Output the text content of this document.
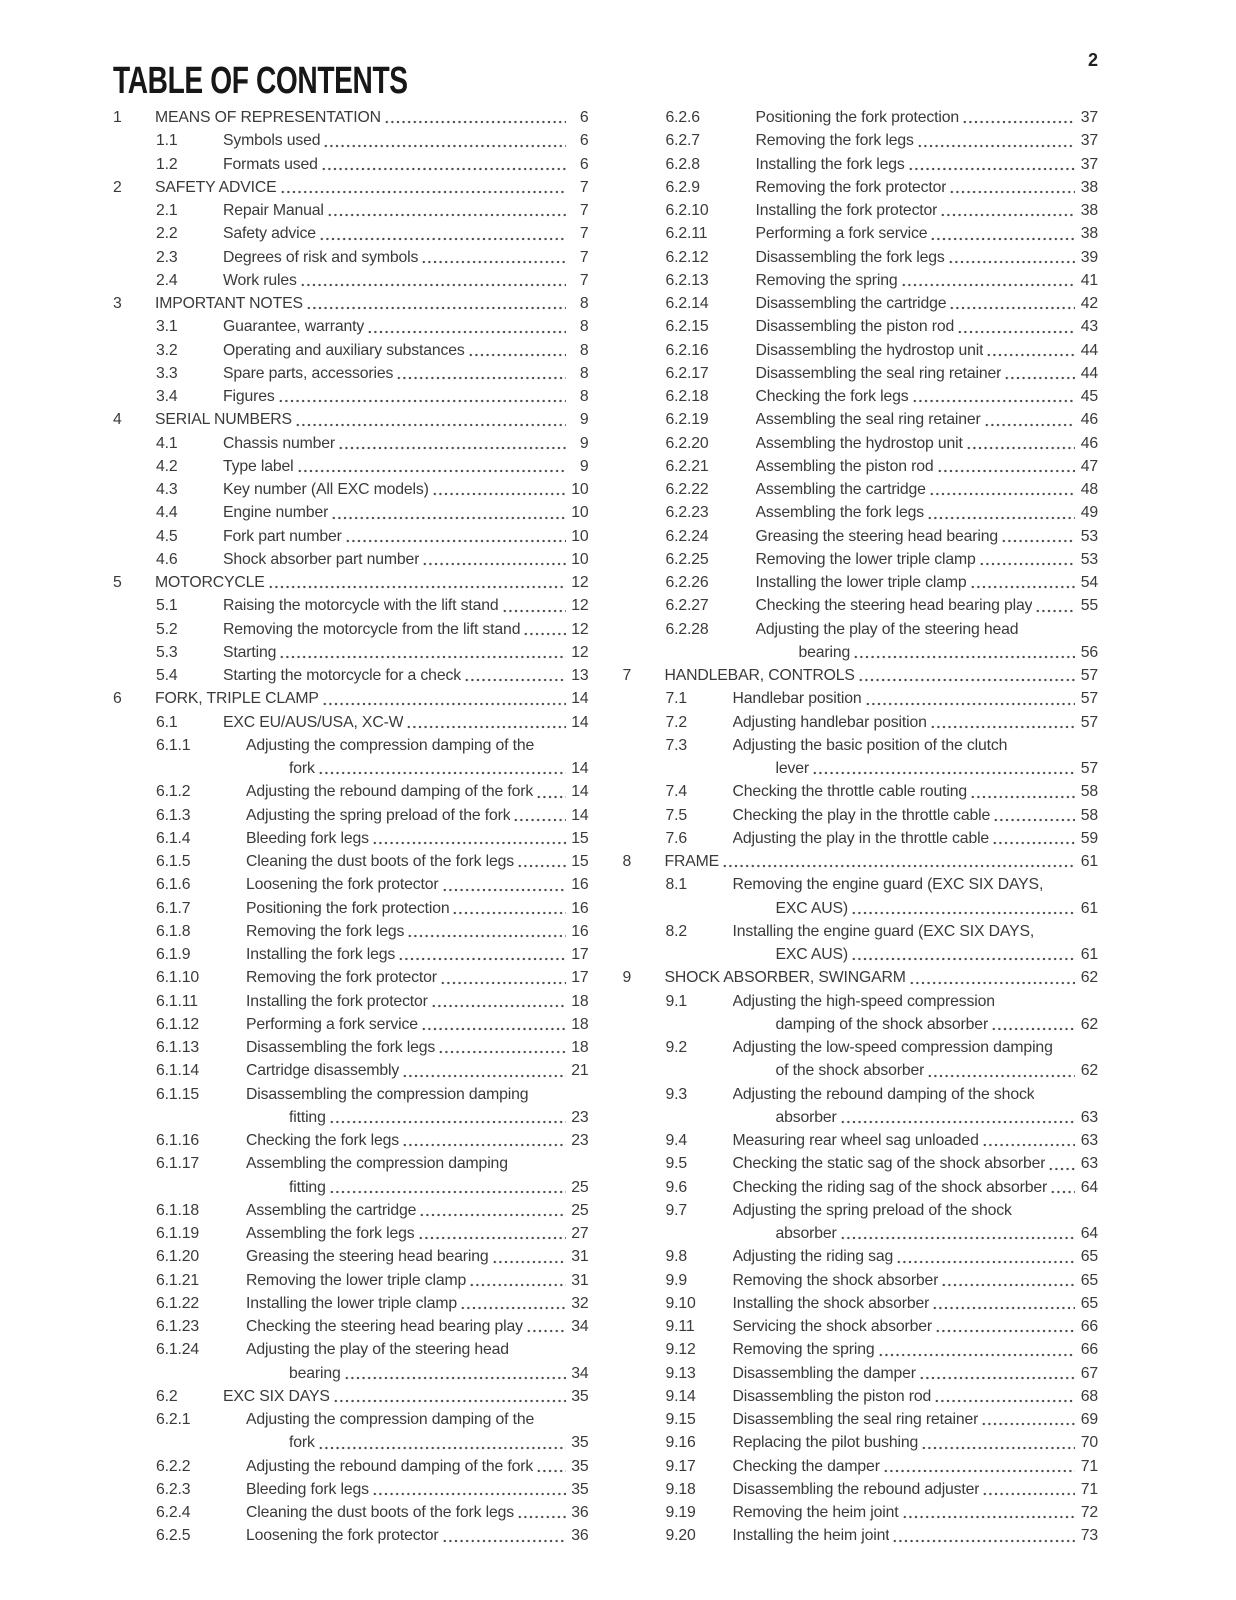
TABLE OF CONTENTS
2
1	MEANS OF REPRESENTATION	6
1.1	Symbols used	6
1.2	Formats used	6
2	SAFETY ADVICE	7
2.1	Repair Manual	7
2.2	Safety advice	7
2.3	Degrees of risk and symbols	7
2.4	Work rules	7
3	IMPORTANT NOTES	8
3.1	Guarantee, warranty	8
3.2	Operating and auxiliary substances	8
3.3	Spare parts, accessories	8
3.4	Figures	8
4	SERIAL NUMBERS	9
4.1	Chassis number	9
4.2	Type label	9
4.3	Key number (All EXC models)	10
4.4	Engine number	10
4.5	Fork part number	10
4.6	Shock absorber part number	10
5	MOTORCYCLE	12
5.1	Raising the motorcycle with the lift stand	12
5.2	Removing the motorcycle from the lift stand	12
5.3	Starting	12
5.4	Starting the motorcycle for a check	13
6	FORK, TRIPLE CLAMP	14
6.1	EXC EU/AUS/USA, XC-W	14
6.1.1	Adjusting the compression damping of the
fork	14
6.1.2	Adjusting the rebound damping of the fork 14
6.1.3	Adjusting the spring preload of the fork	14
6.1.4	Bleeding fork legs	15
6.1.5	Cleaning the dust boots of the fork legs	15
6.1.6	Loosening the fork protector	16
6.1.7	Positioning the fork protection	16
6.1.8	Removing the fork legs	16
6.1.9	Installing the fork legs	17
6.1.10	Removing the fork protector	17
6.1.11	Installing the fork protector	18
6.1.12	Performing a fork service	18
6.1.13	Disassembling the fork legs	18
6.1.14	Cartridge disassembly	21
6.1.15	Disassembling the compression damping
fitting	23
6.1.16	Checking the fork legs	23
6.1.17	Assembling the compression damping
fitting	25
6.1.18	Assembling the cartridge	25
6.1.19	Assembling the fork legs	27
6.1.20	Greasing the steering head bearing	31
6.1.21	Removing the lower triple clamp	31
6.1.22	Installing the lower triple clamp	32
6.1.23	Checking the steering head bearing play	34
6.1.24	Adjusting the play of the steering head
bearing	34
6.2	EXC SIX DAYS	35
6.2.1	Adjusting the compression damping of the
fork	35
6.2.2	Adjusting the rebound damping of the fork 35
6.2.3	Bleeding fork legs	35
6.2.4	Cleaning the dust boots of the fork legs	36
6.2.5	Loosening the fork protector	36
6.2.6	Positioning the fork protection	37
6.2.7	Removing the fork legs	37
6.2.8	Installing the fork legs	37
6.2.9	Removing the fork protector	38
6.2.10	Installing the fork protector	38
6.2.11	Performing a fork service	38
6.2.12	Disassembling the fork legs	39
6.2.13	Removing the spring	41
6.2.14	Disassembling the cartridge	42
6.2.15	Disassembling the piston rod	43
6.2.16	Disassembling the hydrostop unit	44
6.2.17	Disassembling the seal ring retainer	44
6.2.18	Checking the fork legs	45
6.2.19	Assembling the seal ring retainer	46
6.2.20	Assembling the hydrostop unit	46
6.2.21	Assembling the piston rod	47
6.2.22	Assembling the cartridge	48
6.2.23	Assembling the fork legs	49
6.2.24	Greasing the steering head bearing	53
6.2.25	Removing the lower triple clamp	53
6.2.26	Installing the lower triple clamp	54
6.2.27	Checking the steering head bearing play	55
6.2.28	Adjusting the play of the steering head
bearing	56
7	HANDLEBAR, CONTROLS	57
7.1	Handlebar position	57
7.2	Adjusting handlebar position	57
7.3	Adjusting the basic position of the clutch
lever	57
7.4	Checking the throttle cable routing	58
7.5	Checking the play in the throttle cable	58
7.6	Adjusting the play in the throttle cable	59
8	FRAME	61
8.1	Removing the engine guard (EXC SIX DAYS,
EXC AUS)	61
8.2	Installing the engine guard (EXC SIX DAYS,
EXC AUS)	61
9	SHOCK ABSORBER, SWINGARM	62
9.1	Adjusting the high-speed compression
damping of the shock absorber	62
9.2	Adjusting the low-speed compression damping
of the shock absorber	62
9.3	Adjusting the rebound damping of the shock
absorber	63
9.4	Measuring rear wheel sag unloaded	63
9.5	Checking the static sag of the shock absorber 63
9.6	Checking the riding sag of the shock absorber 64
9.7	Adjusting the spring preload of the shock
absorber	64
9.8	Adjusting the riding sag	65
9.9	Removing the shock absorber	65
9.10	Installing the shock absorber	65
9.11	Servicing the shock absorber	66
9.12	Removing the spring	66
9.13	Disassembling the damper	67
9.14	Disassembling the piston rod	68
9.15	Disassembling the seal ring retainer	69
9.16	Replacing the pilot bushing	70
9.17	Checking the damper	71
9.18	Disassembling the rebound adjuster	71
9.19	Removing the heim joint	72
9.20	Installing the heim joint	73
